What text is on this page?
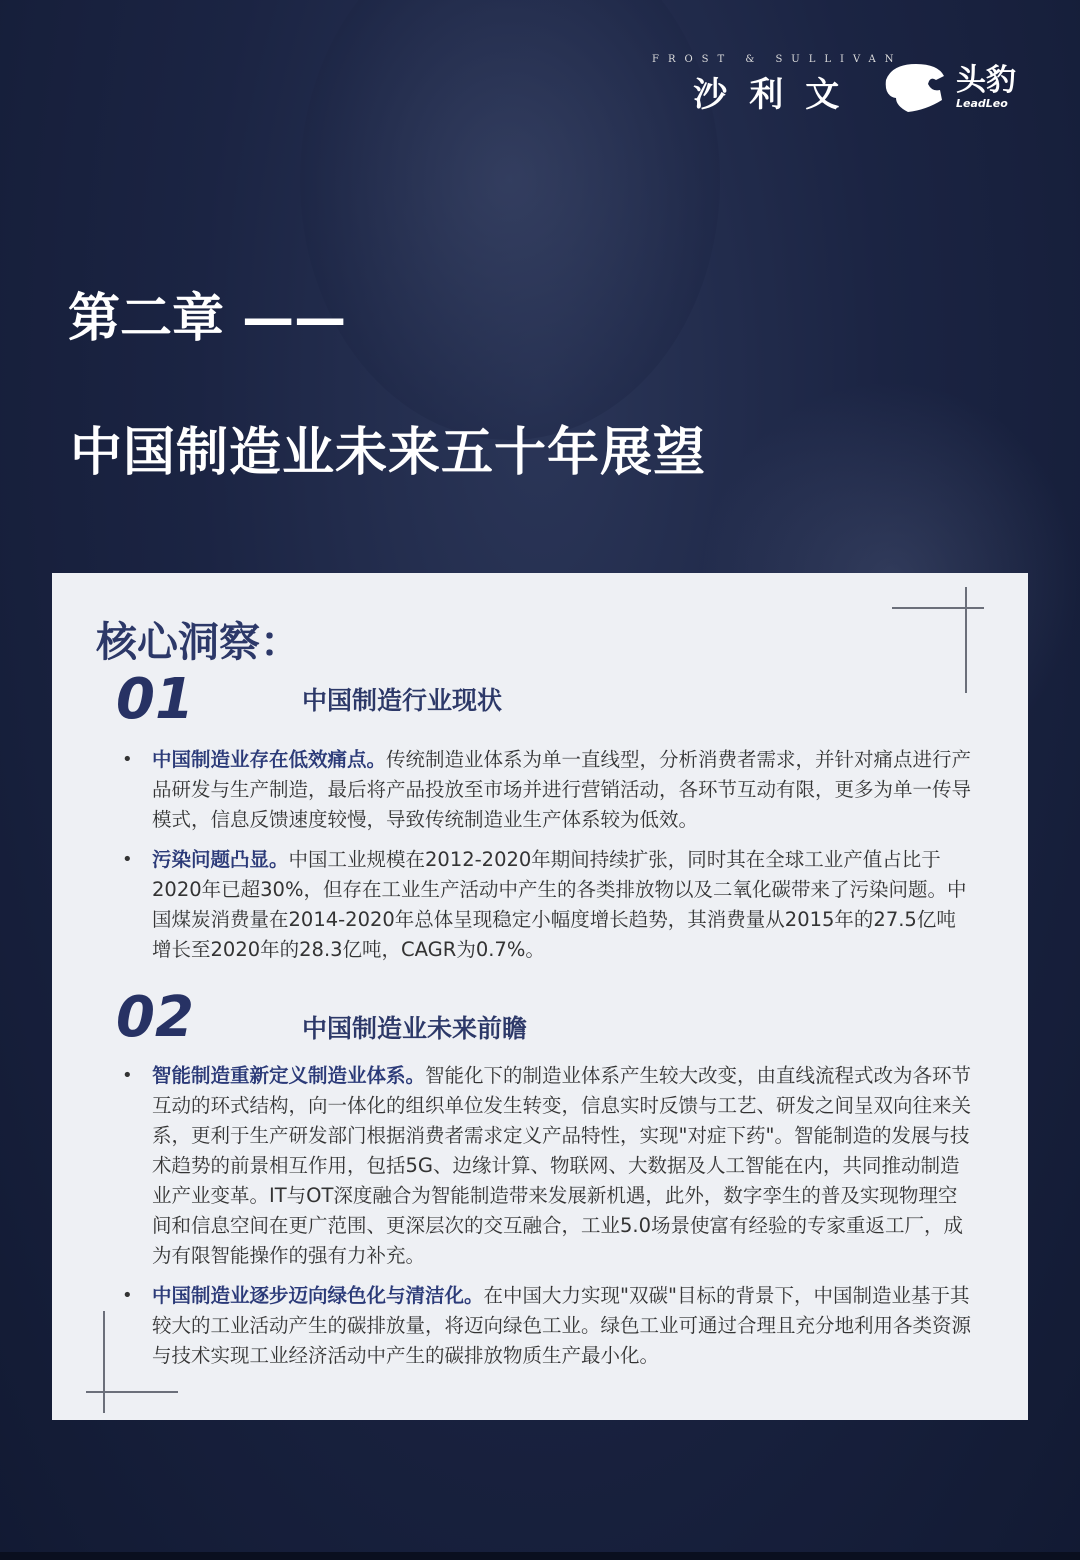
FROST & SULLIVAN
沙利文	头豹
LeadLeo
第二章 ——
中国制造业未来五十年展望
核心洞察：
01	中国制造行业现状
• 中国制造业存在低效痛点。传统制造业体系为单一直线型，分析消费者需求，并针对痛点进行产品研发与生产制造，最后将产品投放至市场并进行营销活动，各环节互动有限，更多为单一传导模式，信息反馈速度较慢，导致传统制造业生产体系较为低效。

• 污染问题凸显。中国工业规模在2012-2020年期间持续扩张，同时其在全球工业产值占比于2020年已超30%，但存在工业生产活动中产生的各类排放物以及二氧化碳带来了污染问题。中国煤炭消费量在2014-2020年总体呈现稳定小幅度增长趋势，其消费量从2015年的27.5亿吨增长至2020年的28.3亿吨，CAGR为0.7%。

02	中国制造业未来前瞻
• 智能制造重新定义制造业体系。智能化下的制造业体系产生较大改变，由直线流程式改为各环节互动的环式结构，向一体化的组织单位发生转变，信息实时反馈与工艺、研发之间呈双向往来关系，更利于生产研发部门根据消费者需求定义产品特性，实现"对症下药"。智能制造的发展与技术趋势的前景相互作用，包括5G、边缘计算、物联网、大数据及人工智能在内，共同推动制造业产业变革。IT与OT深度融合为智能制造带来发展新机遇，此外，数字孪生的普及实现物理空间和信息空间在更广范围、更深层次的交互融合，工业5.0场景使富有经验的专家重返工厂，成为有限智能操作的强有力补充。

• 中国制造业逐步迈向绿色化与清洁化。在中国大力实现"双碳"目标的背景下，中国制造业基于其较大的工业活动产生的碳排放量，将迈向绿色工业。绿色工业可通过合理且充分地利用各类资源与技术实现工业经济活动中产生的碳排放物质生产最小化。
